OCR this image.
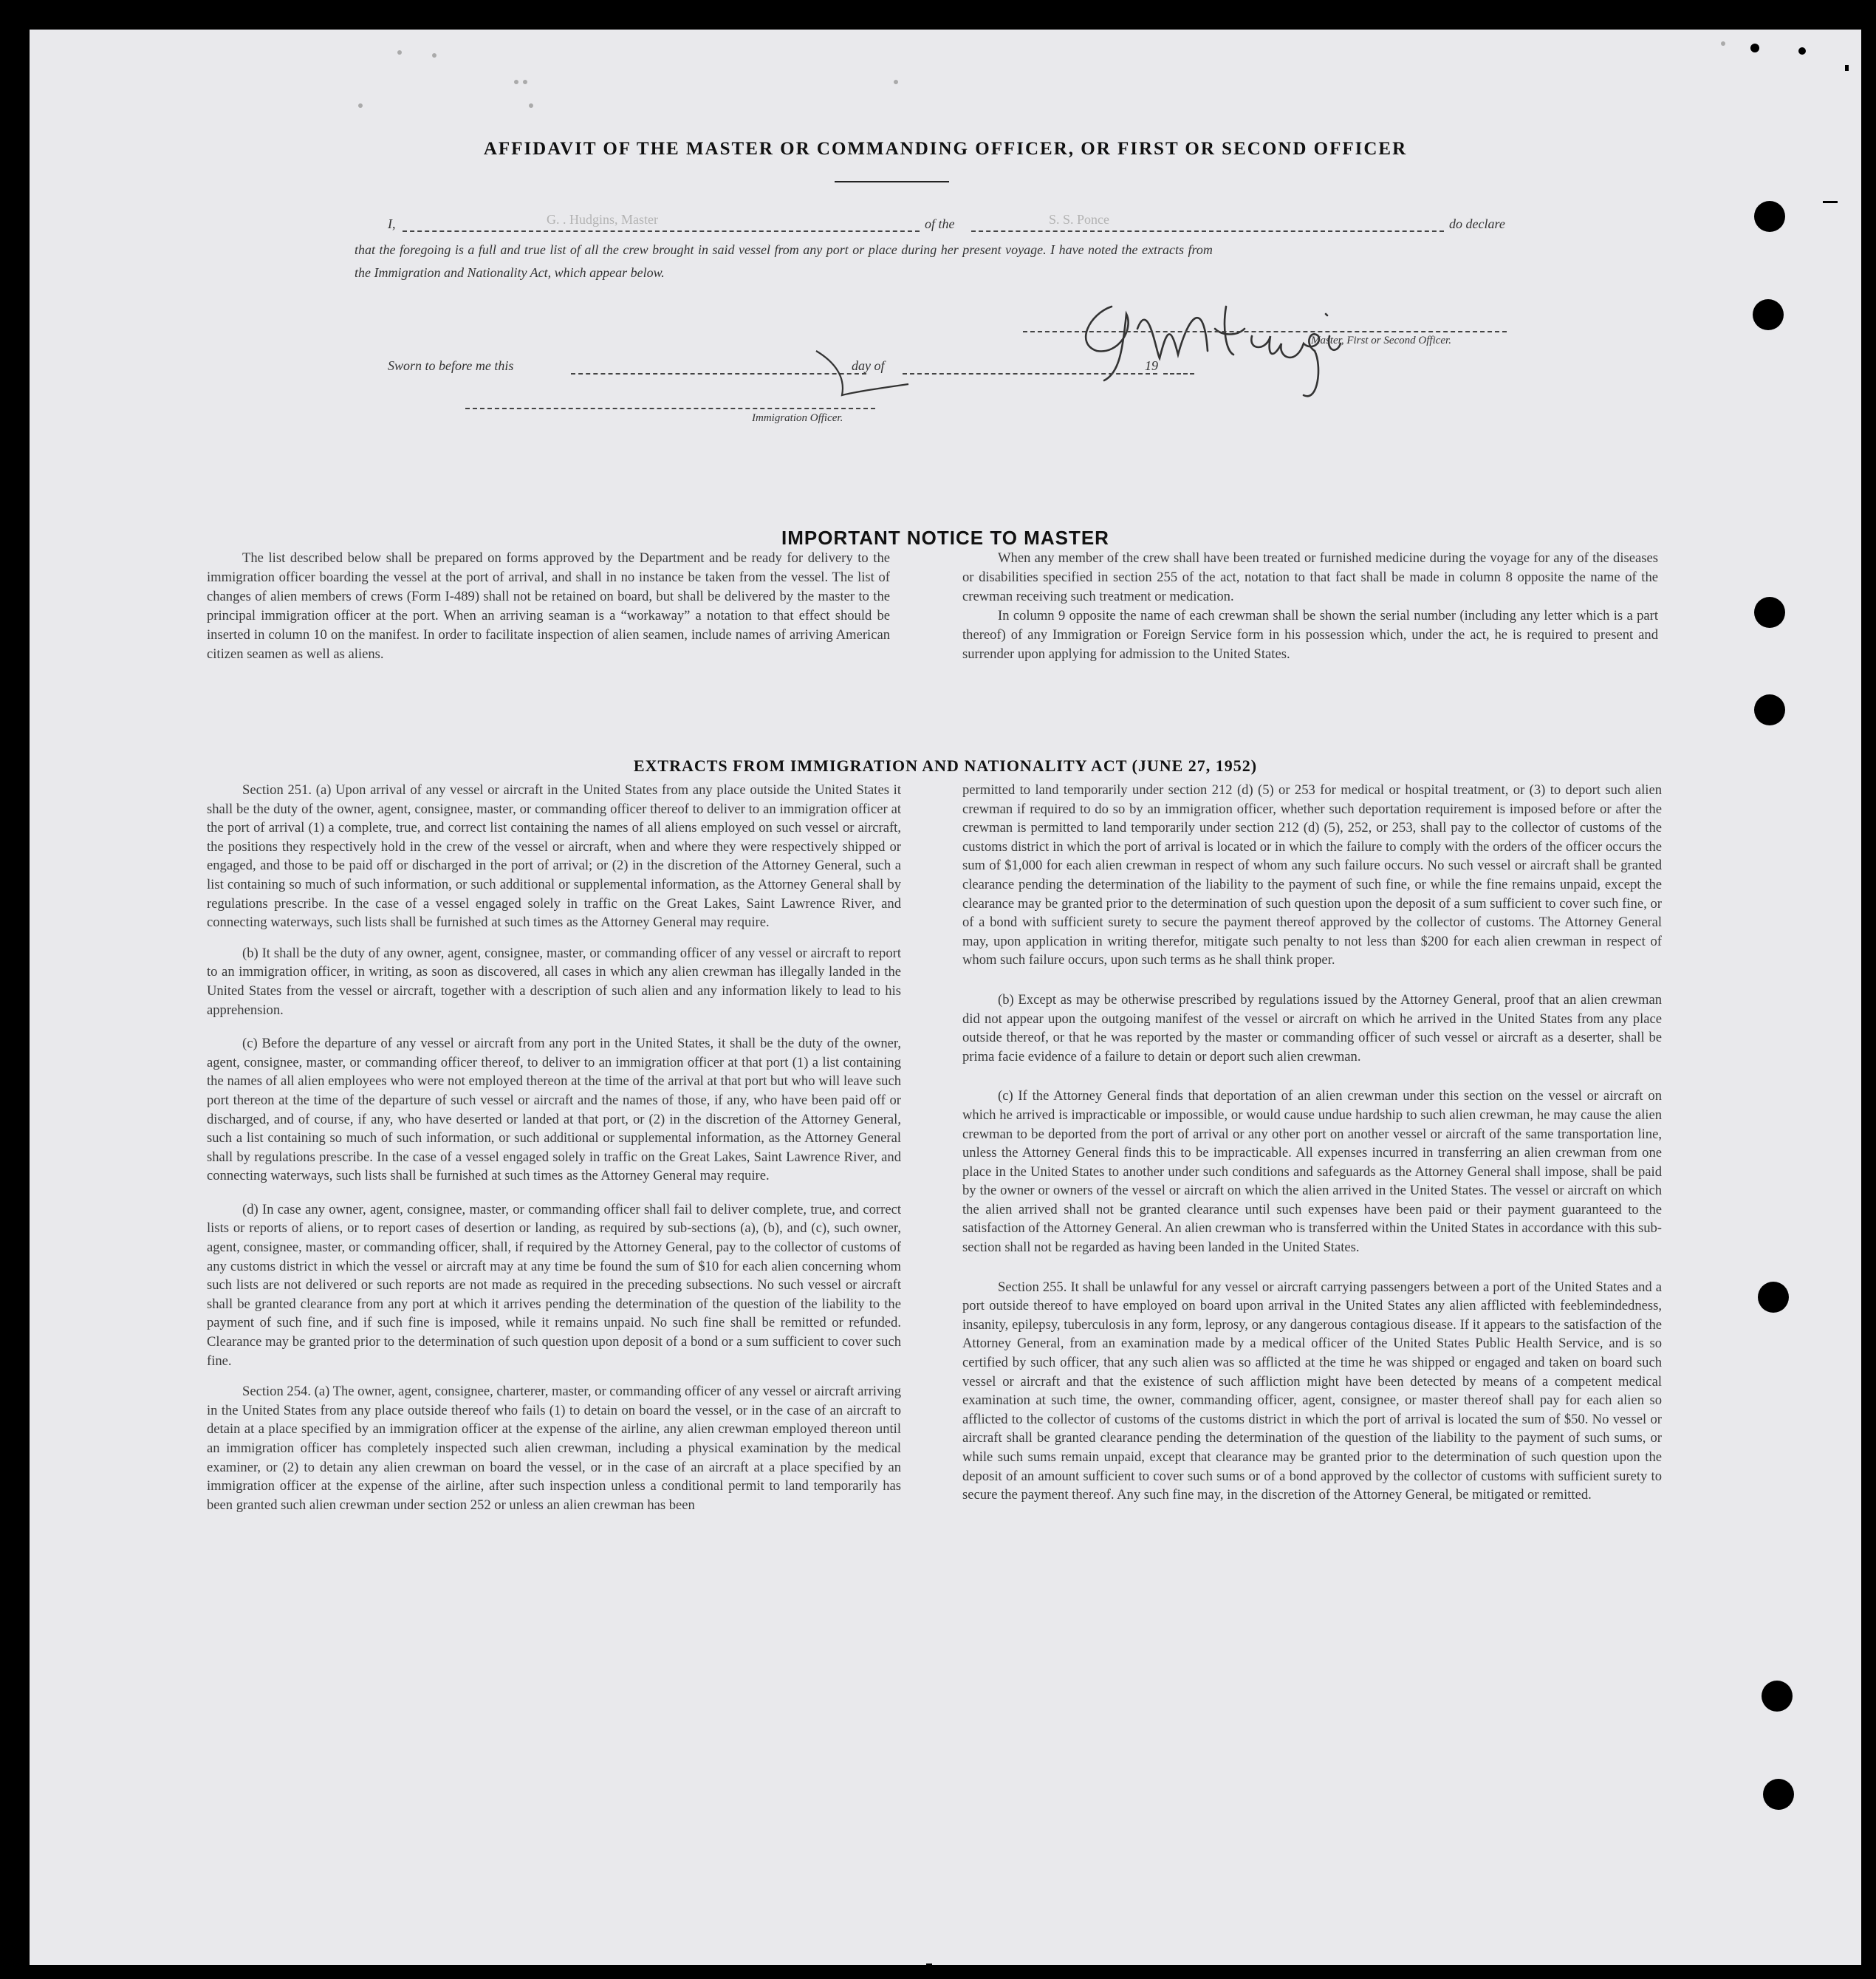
AFFIDAVIT OF THE MASTER OR COMMANDING OFFICER, OR FIRST OR SECOND OFFICER
I,	G. . Hudgins, Master	of the	S. S. Ponce	do declare
that the foregoing is a full and true list of all the crew brought in said vessel from any port or place during her present voyage. I have noted the extracts from
the Immigration and Nationality Act, which appear below.
Master, First or Second Officer.
Sworn to before me this	day of	19
Immigration Officer.
IMPORTANT NOTICE TO MASTER

The list described below shall be prepared on forms approved by the Department and be ready for delivery to the immigration officer boarding the vessel at the port of arrival, and shall in no instance be taken from the vessel. The list of changes of alien members of crews (Form I-489) shall not be retained on board, but shall be delivered by the master to the principal immigration officer at the port. When an arriving seaman is a “workaway” a notation to that effect should be inserted in column 10 on the manifest. In order to facilitate inspection of alien seamen, include names of arriving American citizen seamen as well as aliens.

When any member of the crew shall have been treated or furnished medicine during the voyage for any of the diseases or disabilities specified in section 255 of the act, notation to that fact shall be made in column 8 opposite the name of the crewman receiving such treatment or medication.

In column 9 opposite the name of each crewman shall be shown the serial number (including any letter which is a part thereof) of any Immigration or Foreign Service form in his possession which, under the act, he is required to present and surrender upon applying for admission to the United States.

EXTRACTS FROM IMMIGRATION AND NATIONALITY ACT (JUNE 27, 1952)

Section 251. (a) Upon arrival of any vessel or aircraft in the United States from any place outside the United States it shall be the duty of the owner, agent, consignee, master, or commanding officer thereof to deliver to an immigration officer at the port of arrival (1) a complete, true, and correct list containing the names of all aliens employed on such vessel or aircraft, the positions they respectively hold in the crew of the vessel or aircraft, when and where they were respectively shipped or engaged, and those to be paid off or discharged in the port of arrival; or (2) in the discretion of the Attorney General, such a list containing so much of such information, or such additional or supplemental information, as the Attorney General shall by regulations prescribe. In the case of a vessel engaged solely in traffic on the Great Lakes, Saint Lawrence River, and connecting waterways, such lists shall be furnished at such times as the Attorney General may require.

(b) It shall be the duty of any owner, agent, consignee, master, or commanding officer of any vessel or aircraft to report to an immigration officer, in writing, as soon as discovered, all cases in which any alien crewman has illegally landed in the United States from the vessel or aircraft, together with a description of such alien and any information likely to lead to his apprehension.

(c) Before the departure of any vessel or aircraft from any port in the United States, it shall be the duty of the owner, agent, consignee, master, or commanding officer thereof, to deliver to an immigration officer at that port (1) a list containing the names of all alien employees who were not employed thereon at the time of the arrival at that port but who will leave such port thereon at the time of the departure of such vessel or aircraft and the names of those, if any, who have been paid off or discharged, and of course, if any, who have deserted or landed at that port, or (2) in the discretion of the Attorney General, such a list containing so much of such information, or such additional or supplemental information, as the Attorney General shall by regulations prescribe. In the case of a vessel engaged solely in traffic on the Great Lakes, Saint Lawrence River, and connecting waterways, such lists shall be furnished at such times as the Attorney General may require.

(d) In case any owner, agent, consignee, master, or commanding officer shall fail to deliver complete, true, and correct lists or reports of aliens, or to report cases of desertion or landing, as required by sub-sections (a), (b), and (c), such owner, agent, consignee, master, or commanding officer, shall, if required by the Attorney General, pay to the collector of customs of any customs district in which the vessel or aircraft may at any time be found the sum of $10 for each alien concerning whom such lists are not delivered or such reports are not made as required in the preceding subsections. No such vessel or aircraft shall be granted clearance from any port at which it arrives pending the determination of the question of the liability to the payment of such fine, and if such fine is imposed, while it remains unpaid. No such fine shall be remitted or refunded. Clearance may be granted prior to the determination of such question upon deposit of a bond or a sum sufficient to cover such fine.

Section 254. (a) The owner, agent, consignee, charterer, master, or commanding officer of any vessel or aircraft arriving in the United States from any place outside thereof who fails (1) to detain on board the vessel, or in the case of an aircraft to detain at a place specified by an immigration officer at the expense of the airline, any alien crewman employed thereon until an immigration officer has completely inspected such alien crewman, including a physical examination by the medical examiner, or (2) to detain any alien crewman on board the vessel, or in the case of an aircraft at a place specified by an immigration officer at the expense of the airline, after such inspection unless a conditional permit to land temporarily has been granted such alien crewman under section 252 or unless an alien crewman has been

permitted to land temporarily under section 212 (d) (5) or 253 for medical or hospital treatment, or (3) to deport such alien crewman if required to do so by an immigration officer, whether such deportation requirement is imposed before or after the crewman is permitted to land temporarily under section 212 (d) (5), 252, or 253, shall pay to the collector of customs of the customs district in which the port of arrival is located or in which the failure to comply with the orders of the officer occurs the sum of $1,000 for each alien crewman in respect of whom any such failure occurs. No such vessel or aircraft shall be granted clearance pending the determination of the liability to the payment of such fine, or while the fine remains unpaid, except the clearance may be granted prior to the determination of such question upon the deposit of a sum sufficient to cover such fine, or of a bond with sufficient surety to secure the payment thereof approved by the collector of customs. The Attorney General may, upon application in writing therefor, mitigate such penalty to not less than $200 for each alien crewman in respect of whom such failure occurs, upon such terms as he shall think proper.

(b) Except as may be otherwise prescribed by regulations issued by the Attorney General, proof that an alien crewman did not appear upon the outgoing manifest of the vessel or aircraft on which he arrived in the United States from any place outside thereof, or that he was reported by the master or commanding officer of such vessel or aircraft as a deserter, shall be prima facie evidence of a failure to detain or deport such alien crewman.

(c) If the Attorney General finds that deportation of an alien crewman under this section on the vessel or aircraft on which he arrived is impracticable or impossible, or would cause undue hardship to such alien crewman, he may cause the alien crewman to be deported from the port of arrival or any other port on another vessel or aircraft of the same transportation line, unless the Attorney General finds this to be impracticable. All expenses incurred in transferring an alien crewman from one place in the United States to another under such conditions and safeguards as the Attorney General shall impose, shall be paid by the owner or owners of the vessel or aircraft on which the alien arrived in the United States. The vessel or aircraft on which the alien arrived shall not be granted clearance until such expenses have been paid or their payment guaranteed to the satisfaction of the Attorney General. An alien crewman who is transferred within the United States in accordance with this sub-section shall not be regarded as having been landed in the United States.

Section 255. It shall be unlawful for any vessel or aircraft carrying passengers between a port of the United States and a port outside thereof to have employed on board upon arrival in the United States any alien afflicted with feeblemindedness, insanity, epilepsy, tuberculosis in any form, leprosy, or any dangerous contagious disease. If it appears to the satisfaction of the Attorney General, from an examination made by a medical officer of the United States Public Health Service, and is so certified by such officer, that any such alien was so afflicted at the time he was shipped or engaged and taken on board such vessel or aircraft and that the existence of such affliction might have been detected by means of a competent medical examination at such time, the owner, commanding officer, agent, consignee, or master thereof shall pay for each alien so afflicted to the collector of customs of the customs district in which the port of arrival is located the sum of $50. No vessel or aircraft shall be granted clearance pending the determination of the question of the liability to the payment of such sums, or while such sums remain unpaid, except that clearance may be granted prior to the determination of such question upon the deposit of an amount sufficient to cover such sums or of a bond approved by the collector of customs with sufficient surety to secure the payment thereof. Any such fine may, in the discretion of the Attorney General, be mitigated or remitted.
